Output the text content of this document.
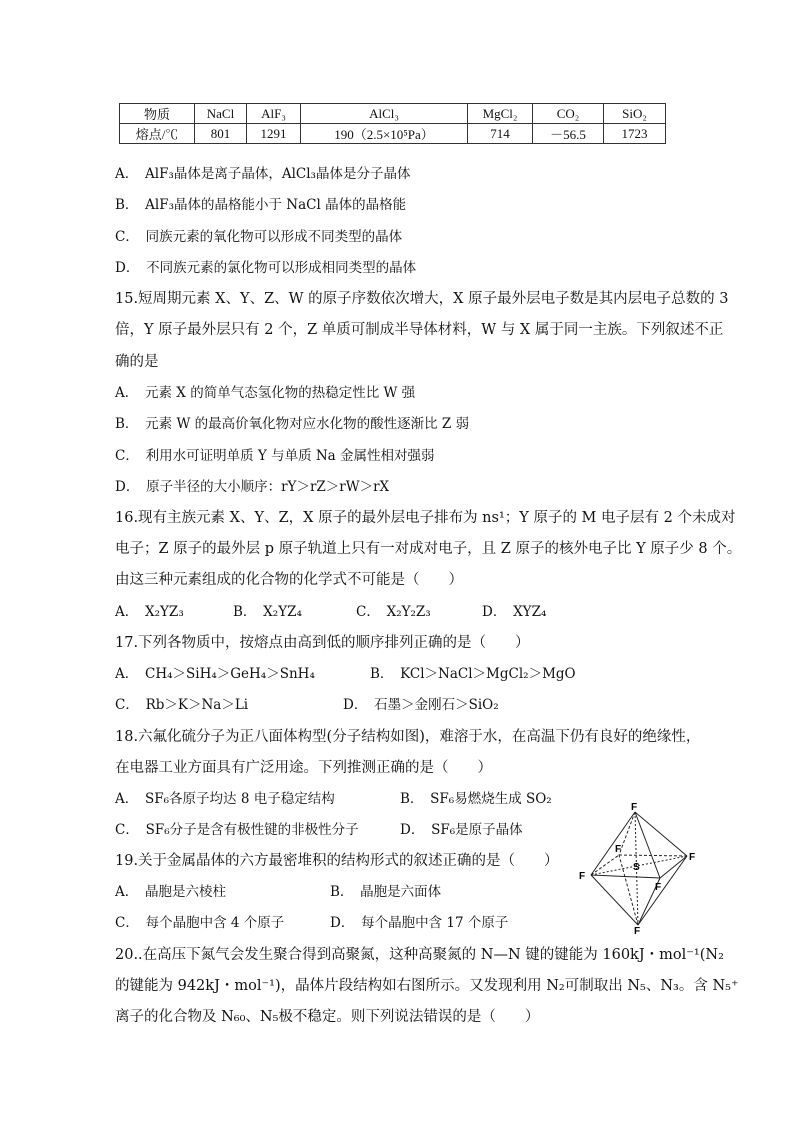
物质	NaCl	AlF₃	AlCl₃	MgCl₂	CO₂	SiO₂
熔点/℃	801	1291	190（2.5×10⁵Pa）	714	－56.5	1723
A．　AlF₃晶体是离子晶体，AlCl₃晶体是分子晶体
B．　AlF₃晶体的晶格能小于 NaCl 晶体的晶格能
C．　同族元素的氧化物可以形成不同类型的晶体
D．　不同族元素的氯化物可以形成相同类型的晶体
15.短周期元素 X、Y、Z、W 的原子序数依次增大，X 原子最外层电子数是其内层电子总数的 3
倍，Y 原子最外层只有 2 个，Z 单质可制成半导体材料，W 与 X 属于同一主族。下列叙述不正
确的是
A．　元素 X 的简单气态氢化物的热稳定性比 W 强
B．　元素 W 的最高价氧化物对应水化物的酸性逐渐比 Z 弱
C．　利用水可证明单质 Y 与单质 Na 金属性相对强弱
D．　原子半径的大小顺序：rY＞rZ＞rW＞rX
16.现有主族元素 X、Y、Z，X 原子的最外层电子排布为 ns¹；Y 原子的 M 电子层有 2 个未成对
电子；Z 原子的最外层 p 原子轨道上只有一对成对电子，且 Z 原子的核外电子比 Y 原子少 8 个。
由这三种元素组成的化合物的化学式不可能是（　　）
A．　X₂YZ₃	B．　X₂YZ₄	C．　X₂Y₂Z₃	D．　XYZ₄
17.下列各物质中，按熔点由高到低的顺序排列正确的是（　　）
A．　CH₄＞SiH₄＞GeH₄＞SnH₄	B．　KCl＞NaCl＞MgCl₂＞MgO
C．　Rb＞K＞Na＞Li	D．　石墨＞金刚石＞SiO₂
18.六氟化硫分子为正八面体构型(分子结构如图)，难溶于水，在高温下仍有良好的绝缘性，
在电器工业方面具有广泛用途。下列推测正确的是（　　）
A．　SF₆各原子均达 8 电子稳定结构	B．　SF₆易燃烧生成 SO₂
C．　SF₆分子是含有极性键的非极性分子	D．　SF₆是原子晶体
19.关于金属晶体的六方最密堆积的结构形式的叙述正确的是（　　）
A．　晶胞是六棱柱	B．　晶胞是六面体
C．　每个晶胞中含 4 个原子	D．　每个晶胞中含 17 个原子
20..在高压下氮气会发生聚合得到高聚氮，这种高聚氮的 N—N 键的键能为 160kJ・mol⁻¹(N₂
的键能为 942kJ・mol⁻¹)，晶体片段结构如右图所示。又发现利用 N₂可制取出 N₅、N₃。含 N₅⁺
离子的化合物及 N₆₀、N₅极不稳定。则下列说法错误的是（　　）
F
F
F
S
F
F
F
